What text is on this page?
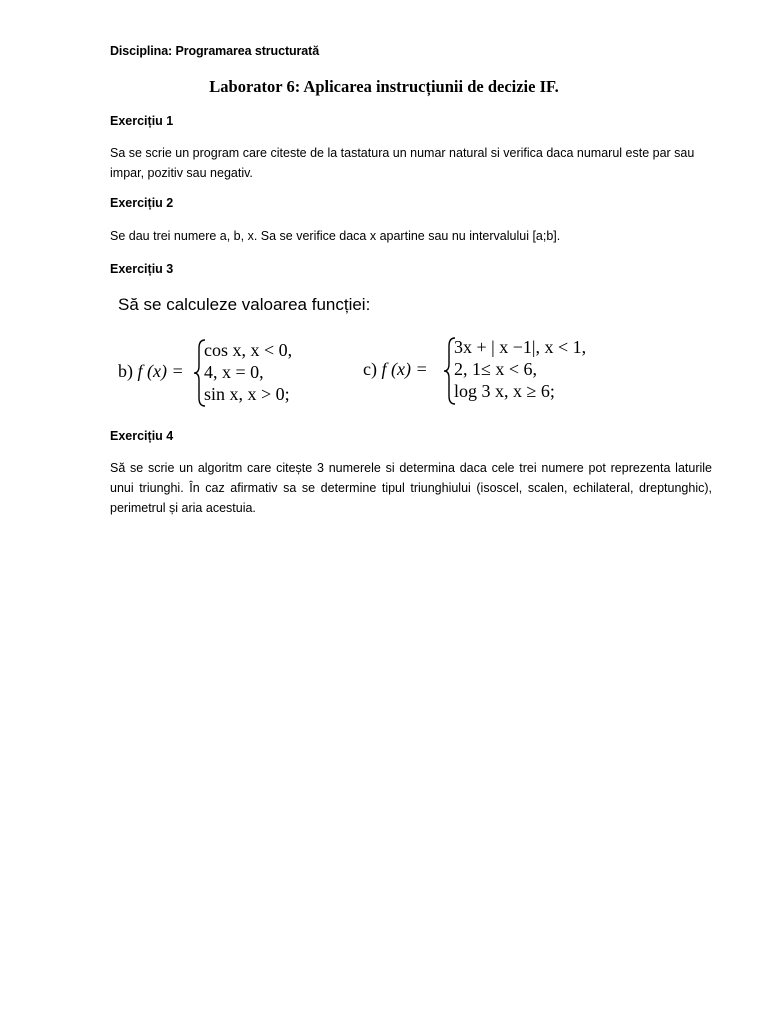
Disciplina: Programarea structurată
Laborator 6: Aplicarea instrucțiunii de decizie IF.
Exercițiu 1
Sa se scrie un program care citeste de la tastatura un numar natural si verifica daca numarul este par sau impar, pozitiv sau negativ.
Exercițiu 2
Se dau trei numere a, b, x. Sa se verifice daca x apartine sau nu intervalului [a;b].
Exercițiu 3
Să se calculeze valoarea funcției:
b) f (x) =
cos x, x < 0,
4, x = 0,
sin x, x > 0;
c) f (x) =
3x + | x −1|, x < 1,
2, 1≤ x < 6,
log 3 x, x ≥ 6;
Exercițiu 4
Să se scrie un algoritm care citește 3 numerele si determina daca cele trei numere pot reprezenta laturile unui triunghi. În caz afirmativ sa se determine tipul triunghiului (isoscel, scalen, echilateral, dreptunghic), perimetrul și aria acestuia.
